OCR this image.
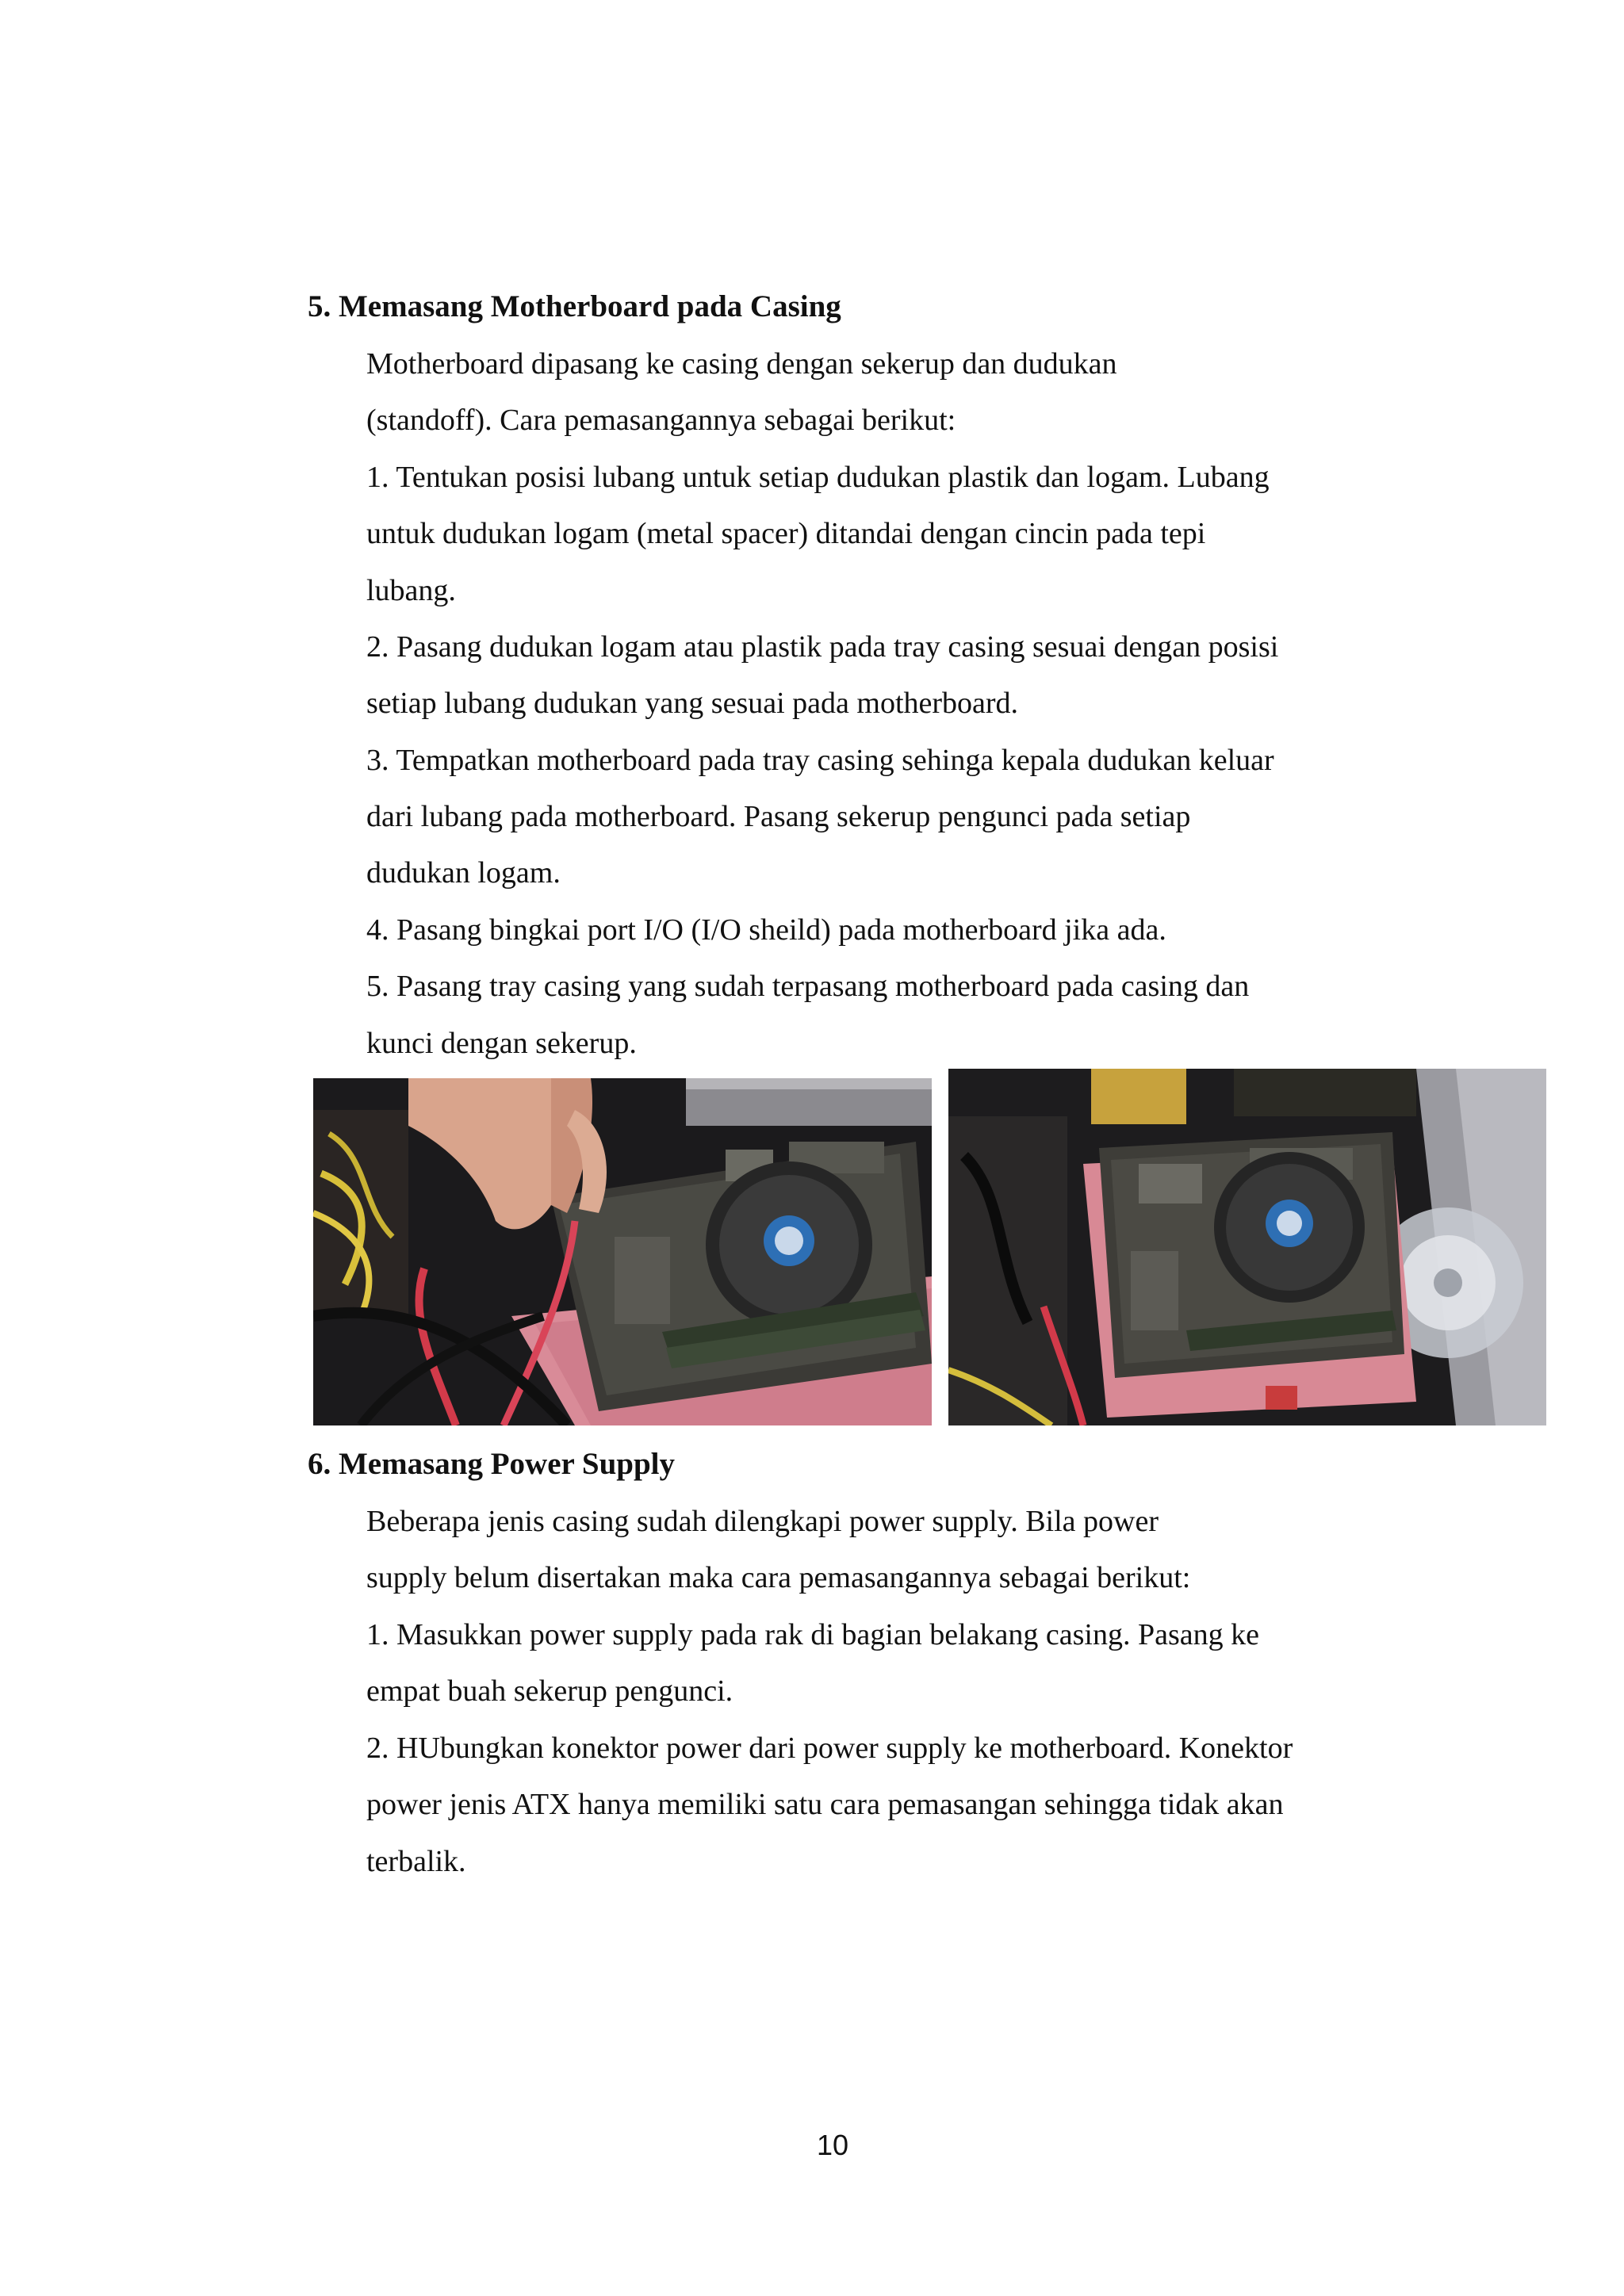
5. Memasang Motherboard pada Casing
Motherboard dipasang ke casing dengan sekerup dan dudukan
(standoff). Cara pemasangannya sebagai berikut:
1. Tentukan posisi lubang untuk setiap dudukan plastik dan logam. Lubang
untuk dudukan logam (metal spacer) ditandai dengan cincin pada tepi
lubang.
2. Pasang dudukan logam atau plastik pada tray casing sesuai dengan posisi
setiap lubang dudukan yang sesuai pada motherboard.
3. Tempatkan motherboard pada tray casing sehinga kepala dudukan keluar
dari lubang pada motherboard. Pasang sekerup pengunci pada setiap
dudukan logam.
4. Pasang bingkai port I/O (I/O sheild) pada motherboard jika ada.
5. Pasang tray casing yang sudah terpasang motherboard pada casing dan
kunci dengan sekerup.
6. Memasang Power Supply
Beberapa jenis casing sudah dilengkapi power supply. Bila power
supply belum disertakan maka cara pemasangannya sebagai berikut:
1. Masukkan power supply pada rak di bagian belakang casing. Pasang ke
empat buah sekerup pengunci.
2. HUbungkan konektor power dari power supply ke motherboard. Konektor
power jenis ATX hanya memiliki satu cara pemasangan sehingga tidak akan
terbalik.
10
